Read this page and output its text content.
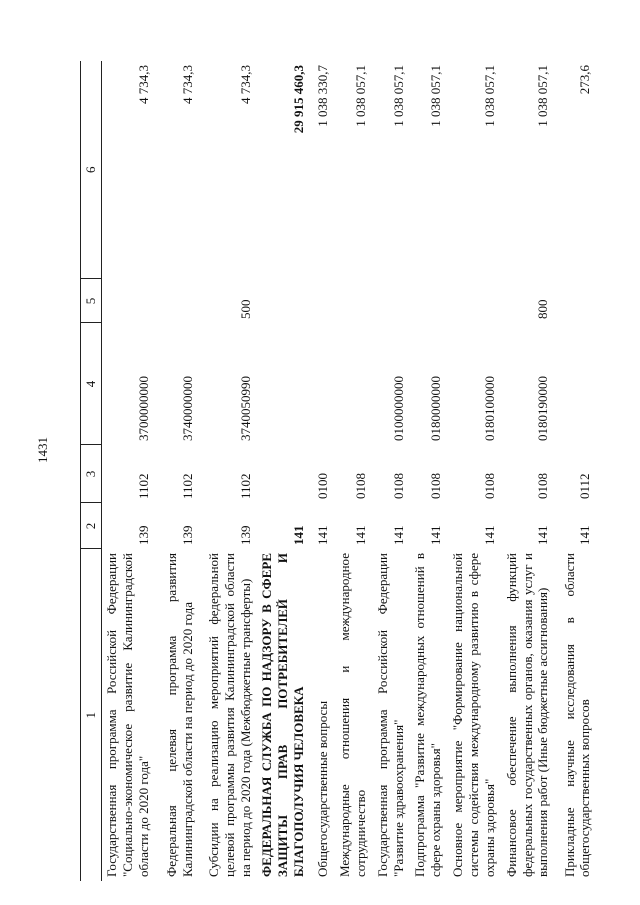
1431
1	2	3	4	5	6
Государственная программа Российской Федерации "Социально-экономическое развитие Калининградской области до 2020 года"	139	1102	3700000000		4 734,3
Федеральная целевая программа развития Калининградской области на период до 2020 года	139	1102	3740000000		4 734,3
Субсидии на реализацию мероприятий федеральной целевой программы развития Калининградской области на период до 2020 года (Межбюджетные трансферты)	139	1102	3740050990	500	4 734,3
ФЕДЕРАЛЬНАЯ СЛУЖБА ПО НАДЗОРУ В СФЕРЕ ЗАЩИТЫ ПРАВ ПОТРЕБИТЕЛЕЙ И БЛАГОПОЛУЧИЯ ЧЕЛОВЕКА	141				29 915 460,3
Общегосударственные вопросы	141	0100			1 038 330,7
Международные отношения и международное сотрудничество	141	0108			1 038 057,1
Государственная программа Российской Федерации "Развитие здравоохранения"	141	0108	0100000000		1 038 057,1
Подпрограмма "Развитие международных отношений в сфере охраны здоровья"	141	0108	0180000000		1 038 057,1
Основное мероприятие "Формирование национальной системы содействия международному развитию в сфере охраны здоровья"	141	0108	0180100000		1 038 057,1
Финансовое обеспечение выполнения функций федеральных государственных органов, оказания услуг и выполнения работ (Иные бюджетные ассигнования)	141	0108	0180190000	800	1 038 057,1
Прикладные научные исследования в области общегосударственных вопросов	141	0112			273,6
